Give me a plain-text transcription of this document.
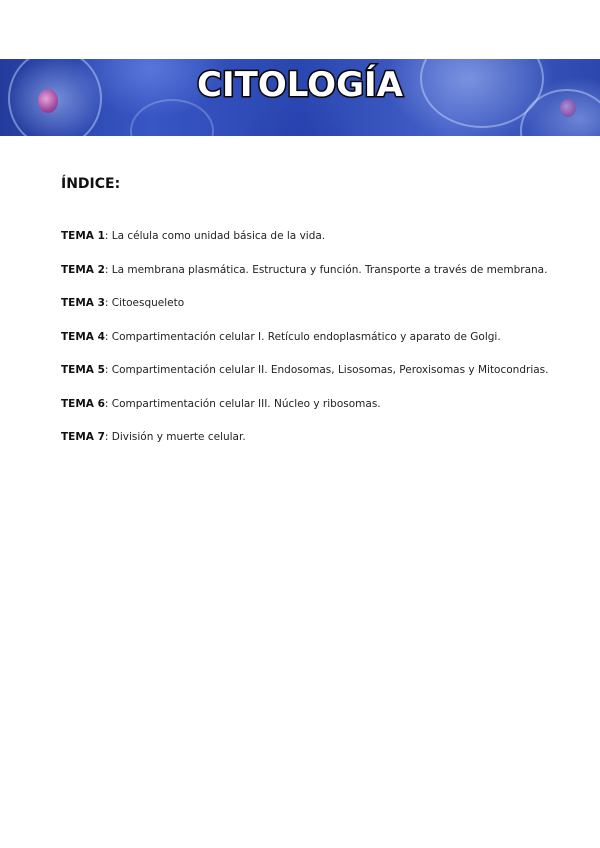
CITOLOGÍA
ÍNDICE:
TEMA 1: La célula como unidad básica de la vida.
TEMA 2: La membrana plasmática. Estructura y función. Transporte a través de membrana.
TEMA 3: Citoesqueleto
TEMA 4: Compartimentación celular I. Retículo endoplasmático y aparato de Golgi.
TEMA 5: Compartimentación celular II. Endosomas, Lisosomas, Peroxisomas y Mitocondrias.
TEMA 6: Compartimentación celular III. Núcleo y ribosomas.
TEMA 7: División y muerte celular.
